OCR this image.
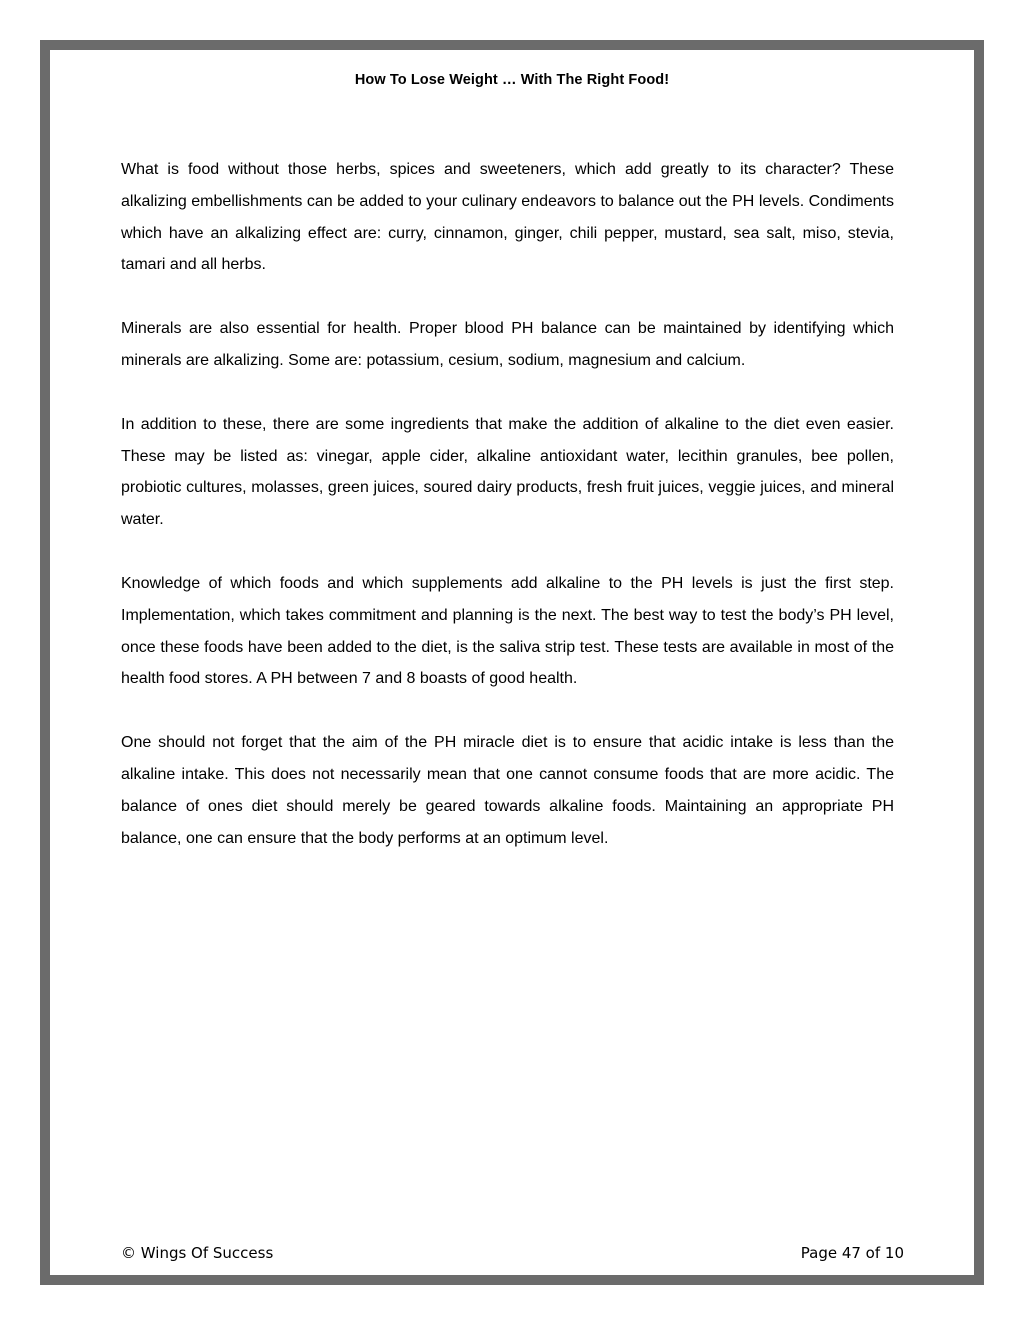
How To Lose Weight … With The Right Food!

What is food without those herbs, spices and sweeteners, which add greatly to its character? These alkalizing embellishments can be added to your culinary endeavors to balance out the PH levels. Condiments which have an alkalizing effect are: curry, cinnamon, ginger, chili pepper, mustard, sea salt, miso, stevia, tamari and all herbs.

Minerals are also essential for health. Proper blood PH balance can be maintained by identifying which minerals are alkalizing. Some are: potassium, cesium, sodium, magnesium and calcium.

In addition to these, there are some ingredients that make the addition of alkaline to the diet even easier. These may be listed as: vinegar, apple cider, alkaline antioxidant water, lecithin granules, bee pollen, probiotic cultures, molasses, green juices, soured dairy products, fresh fruit juices, veggie juices, and mineral water.

Knowledge of which foods and which supplements add alkaline to the PH levels is just the first step. Implementation, which takes commitment and planning is the next. The best way to test the body’s PH level, once these foods have been added to the diet, is the saliva strip test. These tests are available in most of the health food stores. A PH between 7 and 8 boasts of good health.

One should not forget that the aim of the PH miracle diet is to ensure that acidic intake is less than the alkaline intake. This does not necessarily mean that one cannot consume foods that are more acidic. The balance of ones diet should merely be geared towards alkaline foods. Maintaining an appropriate PH balance, one can ensure that the body performs at an optimum level.

© Wings Of Success	Page 47 of 10
